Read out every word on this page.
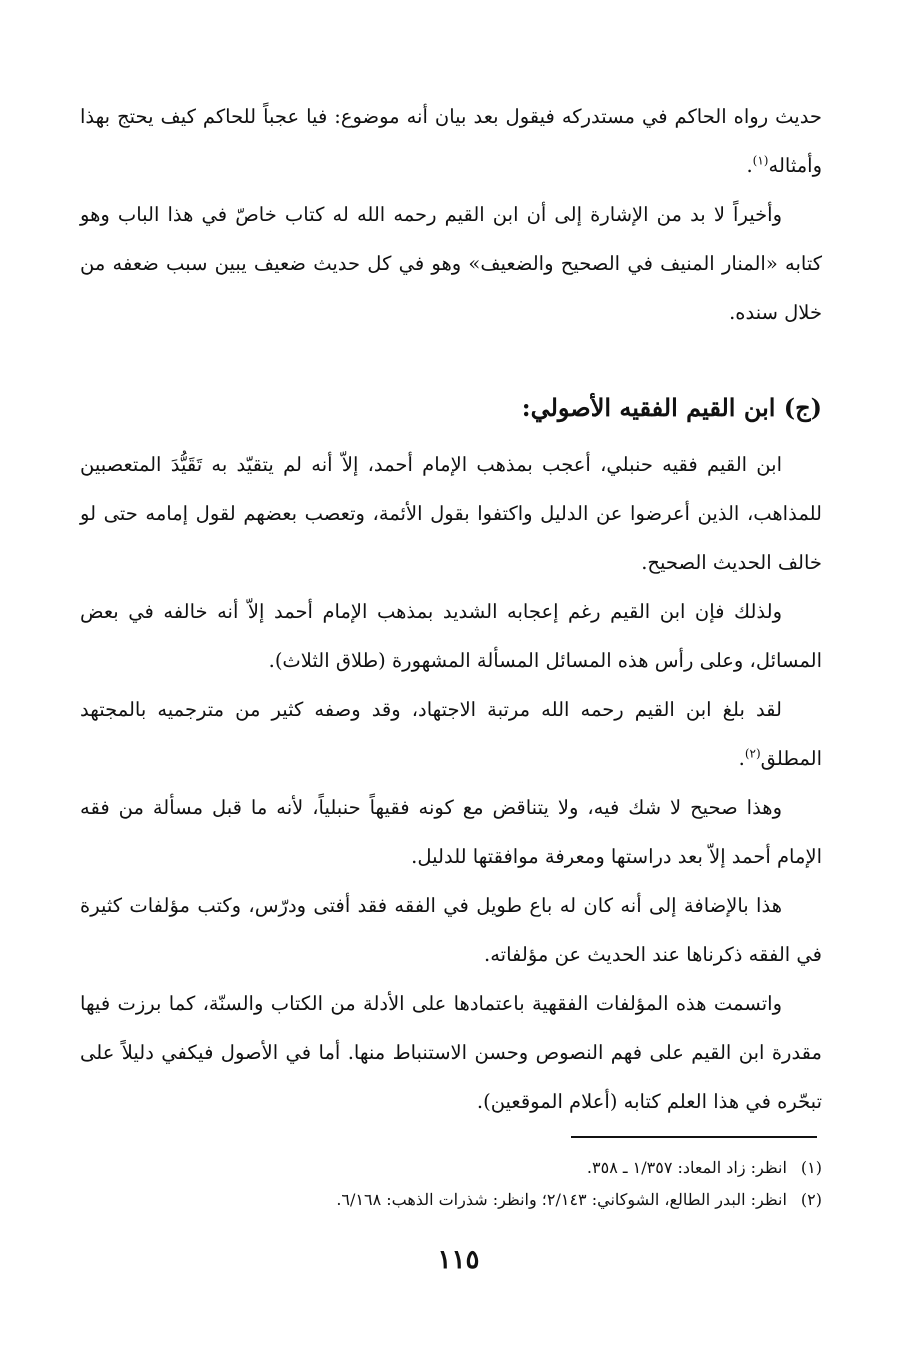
حديث رواه الحاكم في مستدركه فيقول بعد بيان أنه موضوع: فيا عجباً للحاكم كيف يحتج بهذا وأمثاله$^{(١)}$.

وأخيراً لا بد من الإشارة إلى أن ابن القيم رحمه الله له كتاب خاصّ في هذا الباب وهو كتابه «المنار المنيف في الصحيح والضعيف» وهو في كل حديث ضعيف يبين سبب ضعفه من خلال سنده.

(ج) ابن القيم الفقيه الأصولي:

ابن القيم فقيه حنبلي، أعجب بمذهب الإمام أحمد، إلاّ أنه لم يتقيّد به تَقَيُّدَ المتعصبين للمذاهب، الذين أعرضوا عن الدليل واكتفوا بقول الأئمة، وتعصب بعضهم لقول إمامه حتى لو خالف الحديث الصحيح.

ولذلك فإن ابن القيم رغم إعجابه الشديد بمذهب الإمام أحمد إلاّ أنه خالفه في بعض المسائل، وعلى رأس هذه المسائل المسألة المشهورة (طلاق الثلاث).

لقد بلغ ابن القيم رحمه الله مرتبة الاجتهاد، وقد وصفه كثير من مترجميه بالمجتهد المطلق$^{(٢)}$.

وهذا صحيح لا شك فيه، ولا يتناقض مع كونه فقيهاً حنبلياً، لأنه ما قبل مسألة من فقه الإمام أحمد إلاّ بعد دراستها ومعرفة موافقتها للدليل.

هذا بالإضافة إلى أنه كان له باع طويل في الفقه فقد أفتى ودرّس، وكتب مؤلفات كثيرة في الفقه ذكرناها عند الحديث عن مؤلفاته.

واتسمت هذه المؤلفات الفقهية باعتمادها على الأدلة من الكتاب والسنّة، كما برزت فيها مقدرة ابن القيم على فهم النصوص وحسن الاستنباط منها. أما في الأصول فيكفي دليلاً على تبحّره في هذا العلم كتابه (أعلام الموقعين).

(١)انظر: زاد المعاد: ١/٣٥٧ ـ ٣٥٨.

(٢)انظر: البدر الطالع، الشوكاني: ٢/١٤٣؛ وانظر: شذرات الذهب: ٦/١٦٨.

١١٥
